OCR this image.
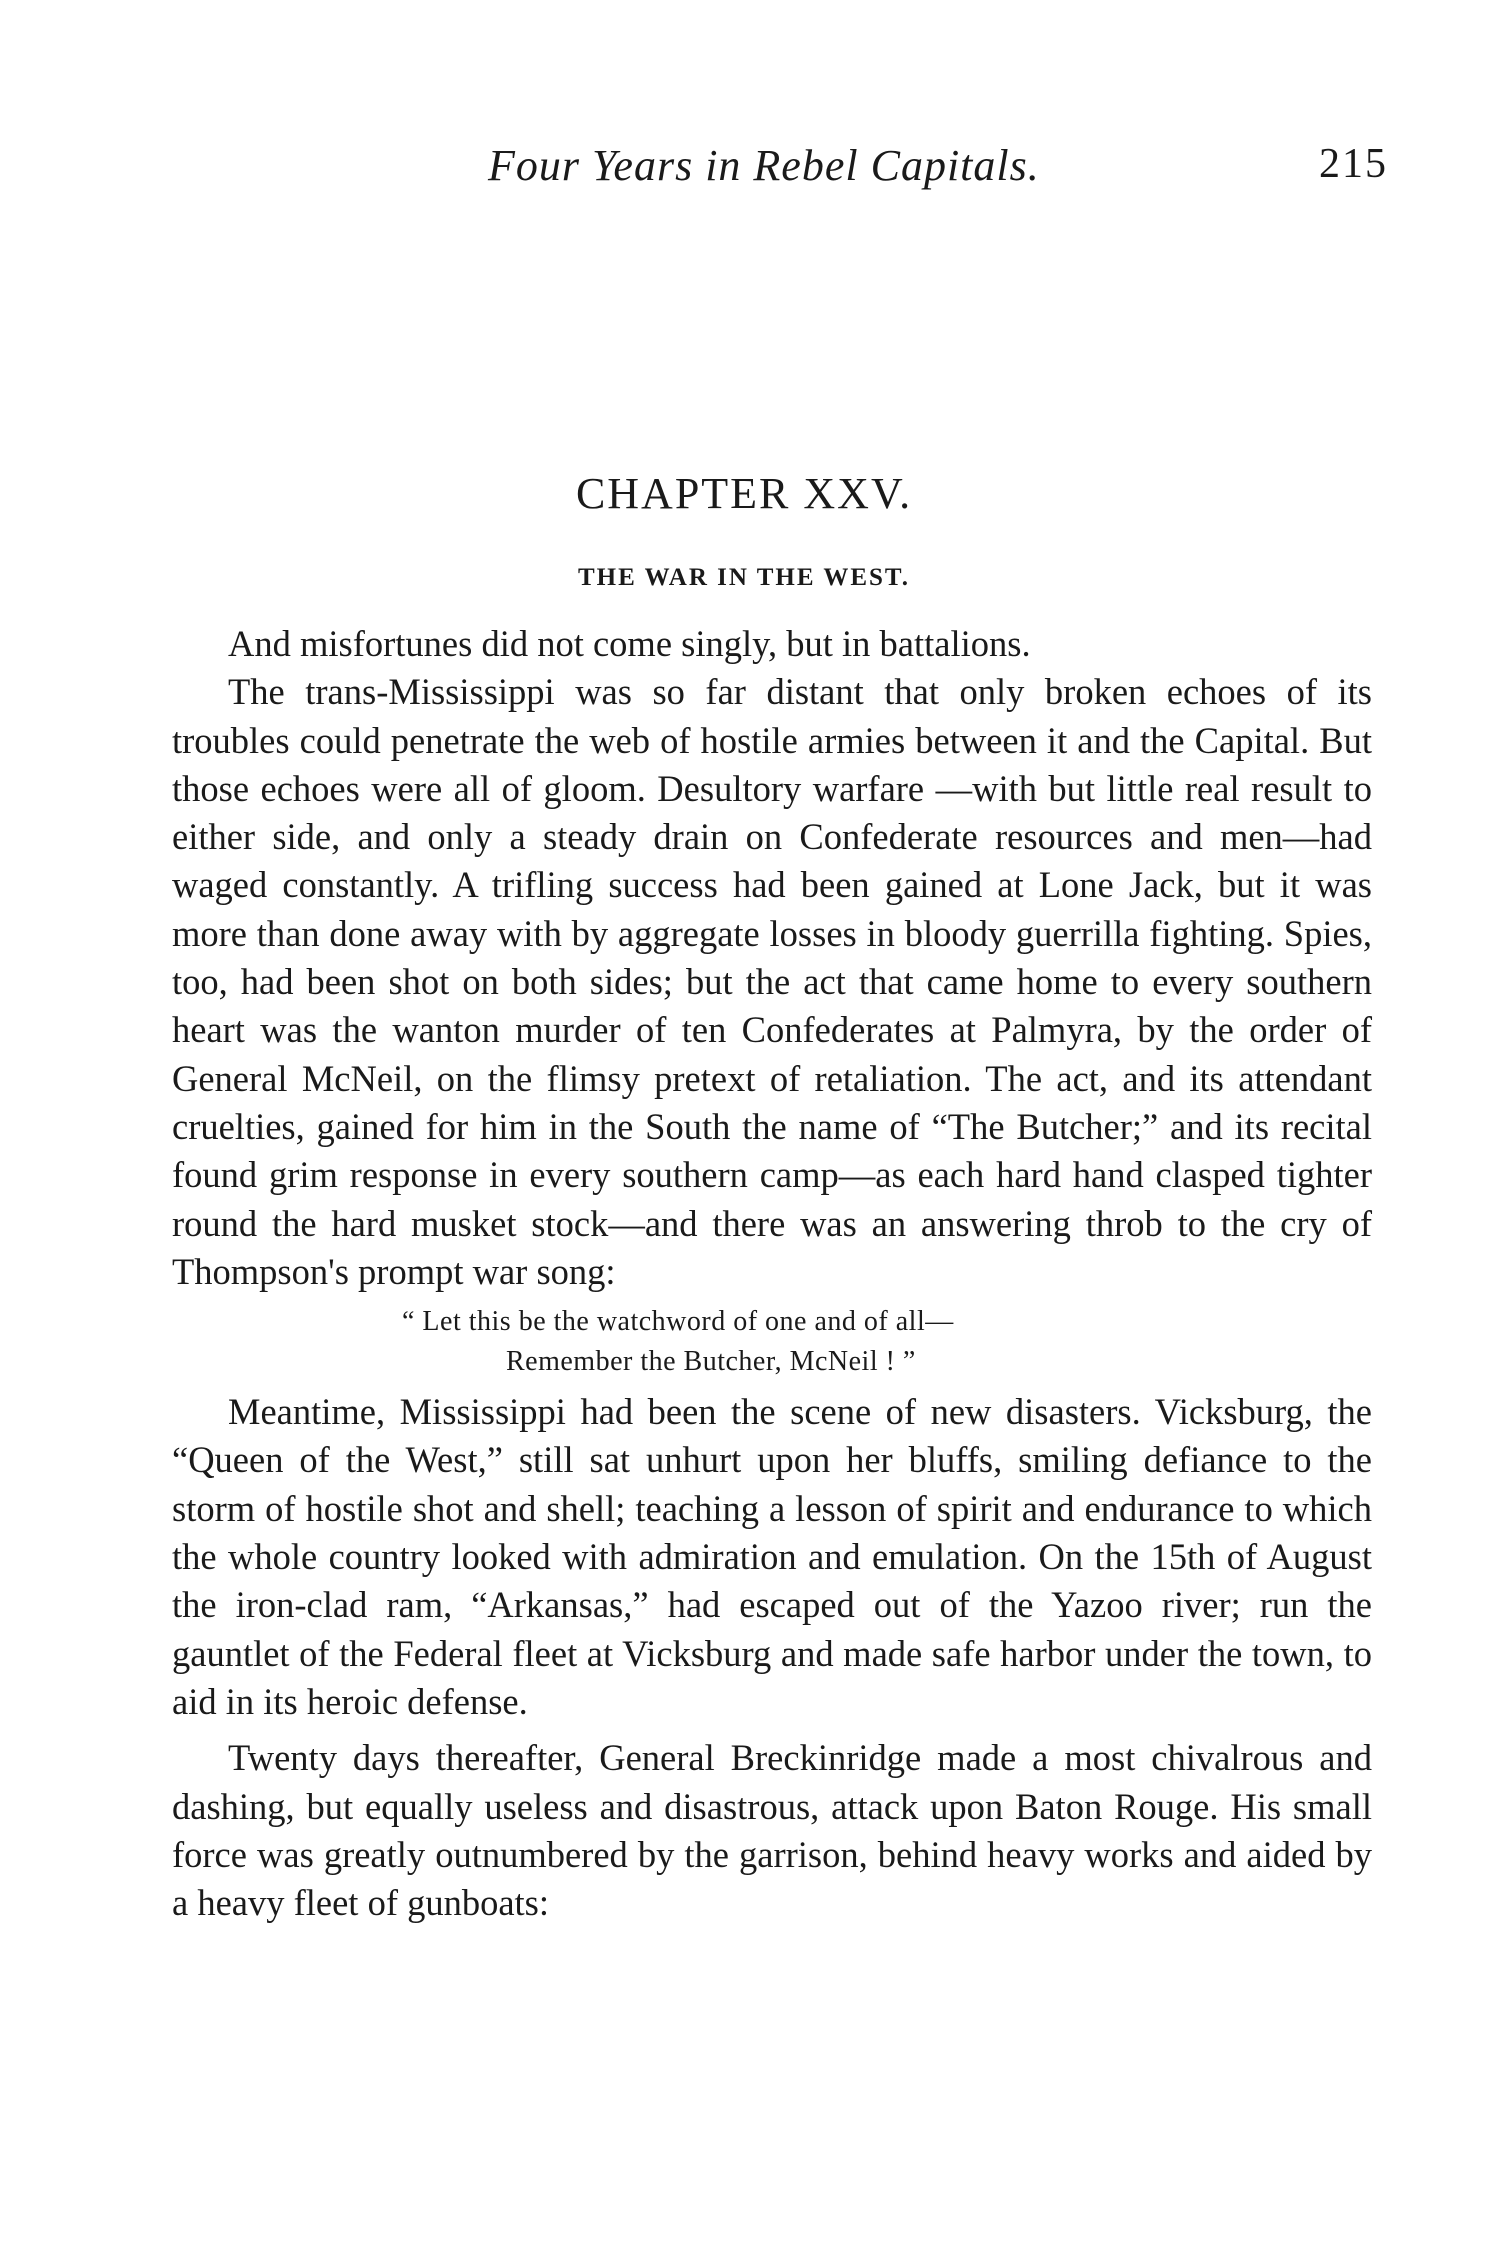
Four Years in Rebel Capitals.	215
CHAPTER XXV.
THE WAR IN THE WEST.

And misfortunes did not come singly, but in battalions.

The trans-Mississippi was so far distant that only broken echoes of its troubles could penetrate the web of hostile armies between it and the Capital. But those echoes were all of gloom. Desultory warfare —with but little real result to either side, and only a steady drain on Confederate resources and men—had waged constantly. A trifling success had been gained at Lone Jack, but it was more than done away with by aggregate losses in bloody guerrilla fighting. Spies, too, had been shot on both sides; but the act that came home to every southern heart was the wanton murder of ten Confederates at Palmyra, by the order of General McNeil, on the flimsy pretext of retaliation. The act, and its attendant cruelties, gained for him in the South the name of “The Butcher;” and its recital found grim response in every southern camp—as each hard hand clasped tighter round the hard musket stock—and there was an answering throb to the cry of Thompson's prompt war song:

“ Let this be the watchword of one and of all—
Remember the Butcher, McNeil ! ”

Meantime, Mississippi had been the scene of new disasters. Vicksburg, the “Queen of the West,” still sat unhurt upon her bluffs, smiling defiance to the storm of hostile shot and shell; teaching a lesson of spirit and endurance to which the whole country looked with admiration and emulation. On the 15th of August the iron-clad ram, “Arkansas,” had escaped out of the Yazoo river; run the gauntlet of the Federal fleet at Vicksburg and made safe harbor under the town, to aid in its heroic defense.

Twenty days thereafter, General Breckinridge made a most chivalrous and dashing, but equally useless and disastrous, attack upon Baton Rouge. His small force was greatly outnumbered by the garrison, behind heavy works and aided by a heavy fleet of gunboats:
